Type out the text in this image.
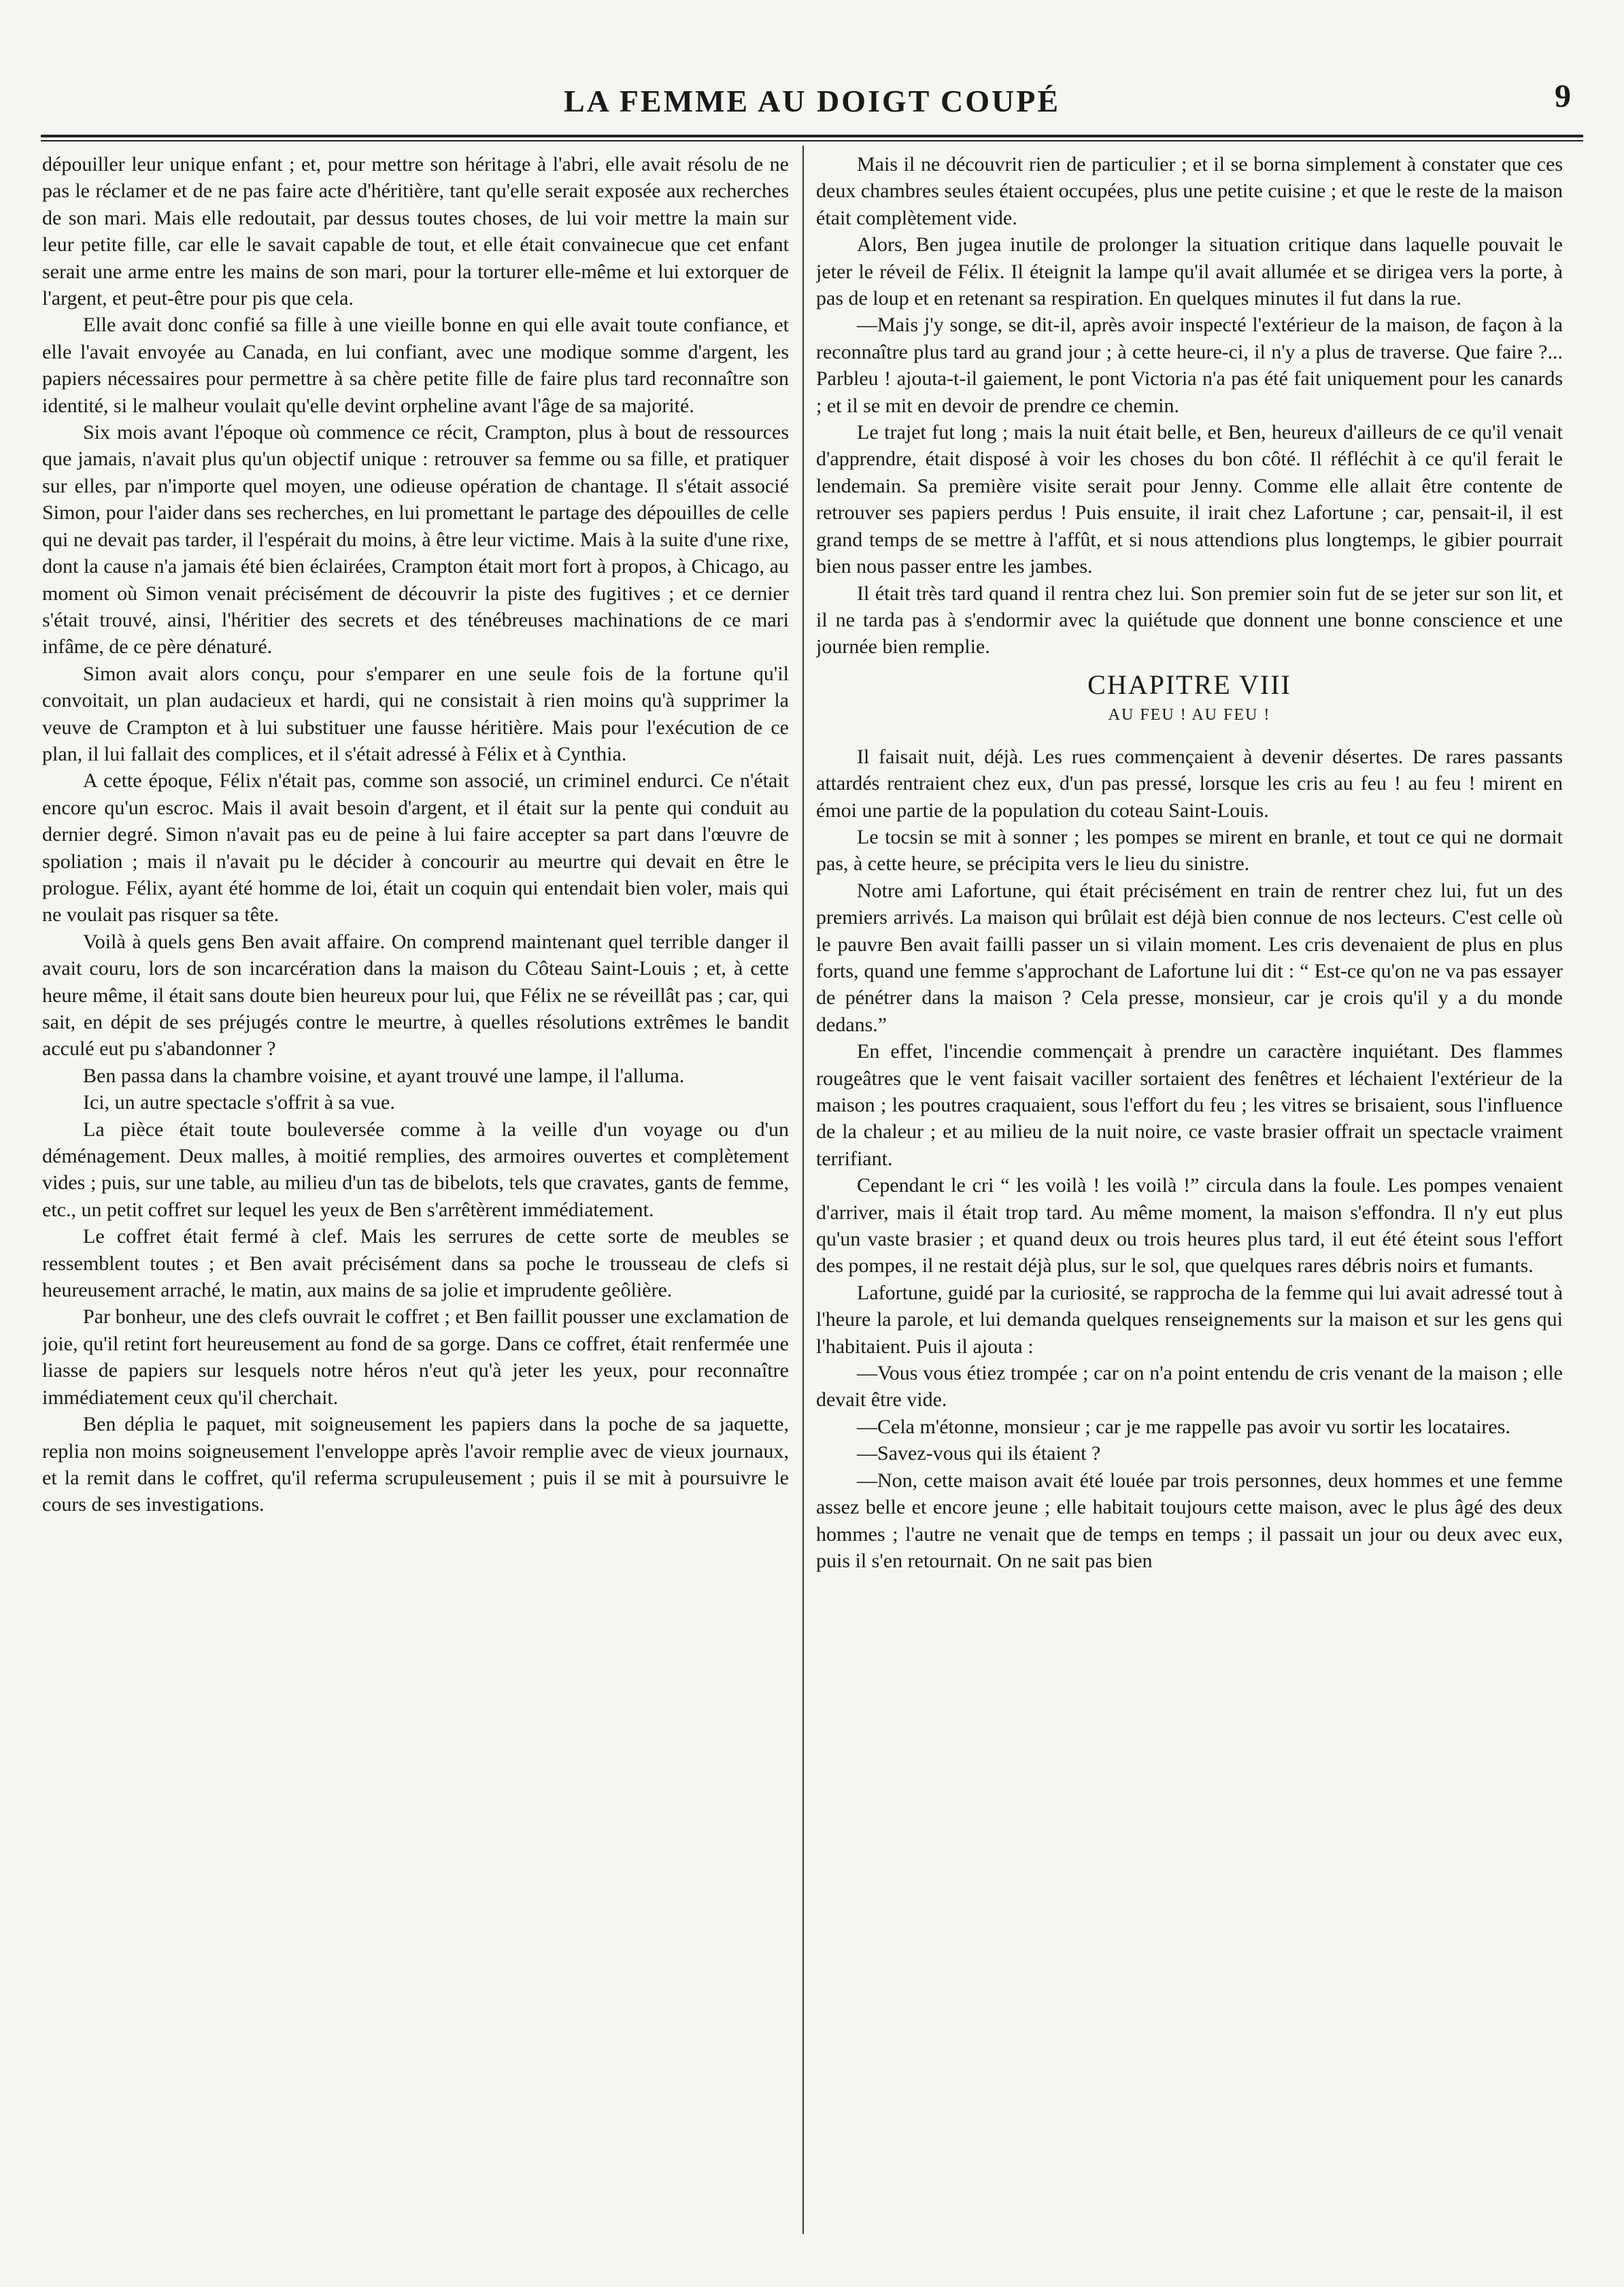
LA FEMME AU DOIGT COUPÉ	9

dépouiller leur unique enfant ; et, pour mettre son héritage à l'abri, elle avait résolu de ne pas le réclamer et de ne pas faire acte d'héritière, tant qu'elle serait exposée aux recherches de son mari. Mais elle redoutait, par dessus toutes choses, de lui voir mettre la main sur leur petite fille, car elle le savait capable de tout, et elle était convainecue que cet enfant serait une arme entre les mains de son mari, pour la torturer elle-même et lui extorquer de l'argent, et peut-être pour pis que cela.

Elle avait donc confié sa fille à une vieille bonne en qui elle avait toute confiance, et elle l'avait envoyée au Canada, en lui confiant, avec une modique somme d'argent, les papiers nécessaires pour permettre à sa chère petite fille de faire plus tard reconnaître son identité, si le malheur voulait qu'elle devint orpheline avant l'âge de sa majorité.

Six mois avant l'époque où commence ce récit, Crampton, plus à bout de ressources que jamais, n'avait plus qu'un objectif unique : retrouver sa femme ou sa fille, et pratiquer sur elles, par n'importe quel moyen, une odieuse opération de chantage. Il s'était associé Simon, pour l'aider dans ses recherches, en lui promettant le partage des dépouilles de celle qui ne devait pas tarder, il l'espérait du moins, à être leur victime. Mais à la suite d'une rixe, dont la cause n'a jamais été bien éclairées, Crampton était mort fort à propos, à Chicago, au moment où Simon venait précisément de découvrir la piste des fugitives ; et ce dernier s'était trouvé, ainsi, l'héritier des secrets et des ténébreuses machinations de ce mari infâme, de ce père dénaturé.

Simon avait alors conçu, pour s'emparer en une seule fois de la fortune qu'il convoitait, un plan audacieux et hardi, qui ne consistait à rien moins qu'à supprimer la veuve de Crampton et à lui substituer une fausse héritière. Mais pour l'exécution de ce plan, il lui fallait des complices, et il s'était adressé à Félix et à Cynthia.

A cette époque, Félix n'était pas, comme son associé, un criminel endurci. Ce n'était encore qu'un escroc. Mais il avait besoin d'argent, et il était sur la pente qui conduit au dernier degré. Simon n'avait pas eu de peine à lui faire accepter sa part dans l'œuvre de spoliation ; mais il n'avait pu le décider à concourir au meurtre qui devait en être le prologue. Félix, ayant été homme de loi, était un coquin qui entendait bien voler, mais qui ne voulait pas risquer sa tête.

Voilà à quels gens Ben avait affaire. On comprend maintenant quel terrible danger il avait couru, lors de son incarcération dans la maison du Côteau Saint-Louis ; et, à cette heure même, il était sans doute bien heureux pour lui, que Félix ne se réveillât pas ; car, qui sait, en dépit de ses préjugés contre le meurtre, à quelles résolutions extrêmes le bandit acculé eut pu s'abandonner ?

Ben passa dans la chambre voisine, et ayant trouvé une lampe, il l'alluma.

Ici, un autre spectacle s'offrit à sa vue.

La pièce était toute bouleversée comme à la veille d'un voyage ou d'un déménagement. Deux malles, à moitié remplies, des armoires ouvertes et complètement vides ; puis, sur une table, au milieu d'un tas de bibelots, tels que cravates, gants de femme, etc., un petit coffret sur lequel les yeux de Ben s'arrêtèrent immédiatement.

Le coffret était fermé à clef. Mais les serrures de cette sorte de meubles se ressemblent toutes ; et Ben avait précisément dans sa poche le trousseau de clefs si heureusement arraché, le matin, aux mains de sa jolie et imprudente geôlière.

Par bonheur, une des clefs ouvrait le coffret ; et Ben faillit pousser une exclamation de joie, qu'il retint fort heureusement au fond de sa gorge. Dans ce coffret, était renfermée une liasse de papiers sur lesquels notre héros n'eut qu'à jeter les yeux, pour reconnaître immédiatement ceux qu'il cherchait.

Ben déplia le paquet, mit soigneusement les papiers dans la poche de sa jaquette, replia non moins soigneusement l'enveloppe après l'avoir remplie avec de vieux journaux, et la remit dans le coffret, qu'il referma scrupuleusement ; puis il se mit à poursuivre le cours de ses investigations.

Mais il ne découvrit rien de particulier ; et il se borna simplement à constater que ces deux chambres seules étaient occupées, plus une petite cuisine ; et que le reste de la maison était complètement vide.

Alors, Ben jugea inutile de prolonger la situation critique dans laquelle pouvait le jeter le réveil de Félix. Il éteignit la lampe qu'il avait allumée et se dirigea vers la porte, à pas de loup et en retenant sa respiration. En quelques minutes il fut dans la rue.

—Mais j'y songe, se dit-il, après avoir inspecté l'extérieur de la maison, de façon à la reconnaître plus tard au grand jour ; à cette heure-ci, il n'y a plus de traverse. Que faire ?... Parbleu ! ajouta-t-il gaiement, le pont Victoria n'a pas été fait uniquement pour les canards ; et il se mit en devoir de prendre ce chemin.

Le trajet fut long ; mais la nuit était belle, et Ben, heureux d'ailleurs de ce qu'il venait d'apprendre, était disposé à voir les choses du bon côté. Il réfléchit à ce qu'il ferait le lendemain. Sa première visite serait pour Jenny. Comme elle allait être contente de retrouver ses papiers perdus ! Puis ensuite, il irait chez Lafortune ; car, pensait-il, il est grand temps de se mettre à l'affût, et si nous attendions plus longtemps, le gibier pourrait bien nous passer entre les jambes.

Il était très tard quand il rentra chez lui. Son premier soin fut de se jeter sur son lit, et il ne tarda pas à s'endormir avec la quiétude que donnent une bonne conscience et une journée bien remplie.

CHAPITRE VIII
AU FEU ! AU FEU !

Il faisait nuit, déjà. Les rues commençaient à devenir désertes. De rares passants attardés rentraient chez eux, d'un pas pressé, lorsque les cris au feu ! au feu ! mirent en émoi une partie de la population du coteau Saint-Louis.

Le tocsin se mit à sonner ; les pompes se mirent en branle, et tout ce qui ne dormait pas, à cette heure, se précipita vers le lieu du sinistre.

Notre ami Lafortune, qui était précisément en train de rentrer chez lui, fut un des premiers arrivés. La maison qui brûlait est déjà bien connue de nos lecteurs. C'est celle où le pauvre Ben avait failli passer un si vilain moment. Les cris devenaient de plus en plus forts, quand une femme s'approchant de Lafortune lui dit : “ Est-ce qu'on ne va pas essayer de pénétrer dans la maison ? Cela presse, monsieur, car je crois qu'il y a du monde dedans.”

En effet, l'incendie commençait à prendre un caractère inquiétant. Des flammes rougeâtres que le vent faisait vaciller sortaient des fenêtres et léchaient l'extérieur de la maison ; les poutres craquaient, sous l'effort du feu ; les vitres se brisaient, sous l'influence de la chaleur ; et au milieu de la nuit noire, ce vaste brasier offrait un spectacle vraiment terrifiant.

Cependant le cri “ les voilà ! les voilà !” circula dans la foule. Les pompes venaient d'arriver, mais il était trop tard. Au même moment, la maison s'effondra. Il n'y eut plus qu'un vaste brasier ; et quand deux ou trois heures plus tard, il eut été éteint sous l'effort des pompes, il ne restait déjà plus, sur le sol, que quelques rares débris noirs et fumants.

Lafortune, guidé par la curiosité, se rapprocha de la femme qui lui avait adressé tout à l'heure la parole, et lui demanda quelques renseignements sur la maison et sur les gens qui l'habitaient. Puis il ajouta :

—Vous vous étiez trompée ; car on n'a point entendu de cris venant de la maison ; elle devait être vide.

—Cela m'étonne, monsieur ; car je me rappelle pas avoir vu sortir les locataires.

—Savez-vous qui ils étaient ?

—Non, cette maison avait été louée par trois personnes, deux hommes et une femme assez belle et encore jeune ; elle habitait toujours cette maison, avec le plus âgé des deux hommes ; l'autre ne venait que de temps en temps ; il passait un jour ou deux avec eux, puis il s'en retournait. On ne sait pas bien
